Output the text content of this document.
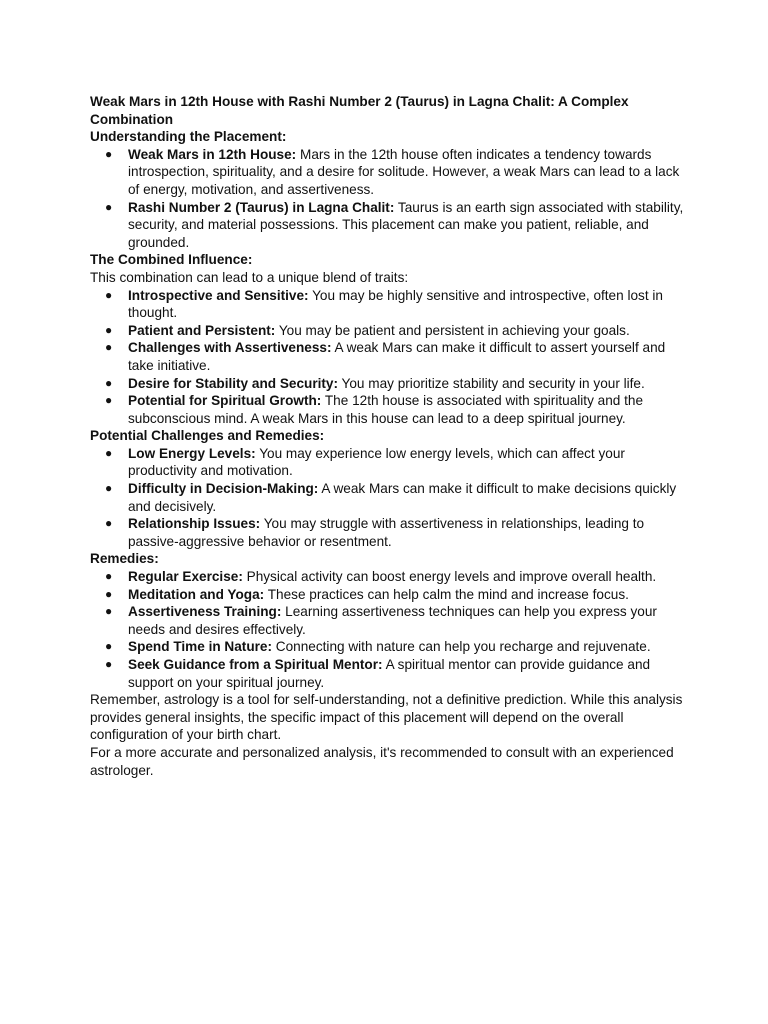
Weak Mars in 12th House with Rashi Number 2 (Taurus) in Lagna Chalit: A Complex Combination
Understanding the Placement:
● Weak Mars in 12th House: Mars in the 12th house often indicates a tendency towards introspection, spirituality, and a desire for solitude. However, a weak Mars can lead to a lack of energy, motivation, and assertiveness.
● Rashi Number 2 (Taurus) in Lagna Chalit: Taurus is an earth sign associated with stability, security, and material possessions. This placement can make you patient, reliable, and grounded.
The Combined Influence:

This combination can lead to a unique blend of traits:

● Introspective and Sensitive: You may be highly sensitive and introspective, often lost in thought.
● Patient and Persistent: You may be patient and persistent in achieving your goals.
● Challenges with Assertiveness: A weak Mars can make it difficult to assert yourself and take initiative.
● Desire for Stability and Security: You may prioritize stability and security in your life.
● Potential for Spiritual Growth: The 12th house is associated with spirituality and the subconscious mind. A weak Mars in this house can lead to a deep spiritual journey.
Potential Challenges and Remedies:
● Low Energy Levels: You may experience low energy levels, which can affect your productivity and motivation.
● Difficulty in Decision-Making: A weak Mars can make it difficult to make decisions quickly and decisively.
● Relationship Issues: You may struggle with assertiveness in relationships, leading to passive-aggressive behavior or resentment.
Remedies:
● Regular Exercise: Physical activity can boost energy levels and improve overall health.
● Meditation and Yoga: These practices can help calm the mind and increase focus.
● Assertiveness Training: Learning assertiveness techniques can help you express your needs and desires effectively.
● Spend Time in Nature: Connecting with nature can help you recharge and rejuvenate.
● Seek Guidance from a Spiritual Mentor: A spiritual mentor can provide guidance and support on your spiritual journey.

Remember, astrology is a tool for self-understanding, not a definitive prediction. While this analysis provides general insights, the specific impact of this placement will depend on the overall configuration of your birth chart.

For a more accurate and personalized analysis, it's recommended to consult with an experienced astrologer.
